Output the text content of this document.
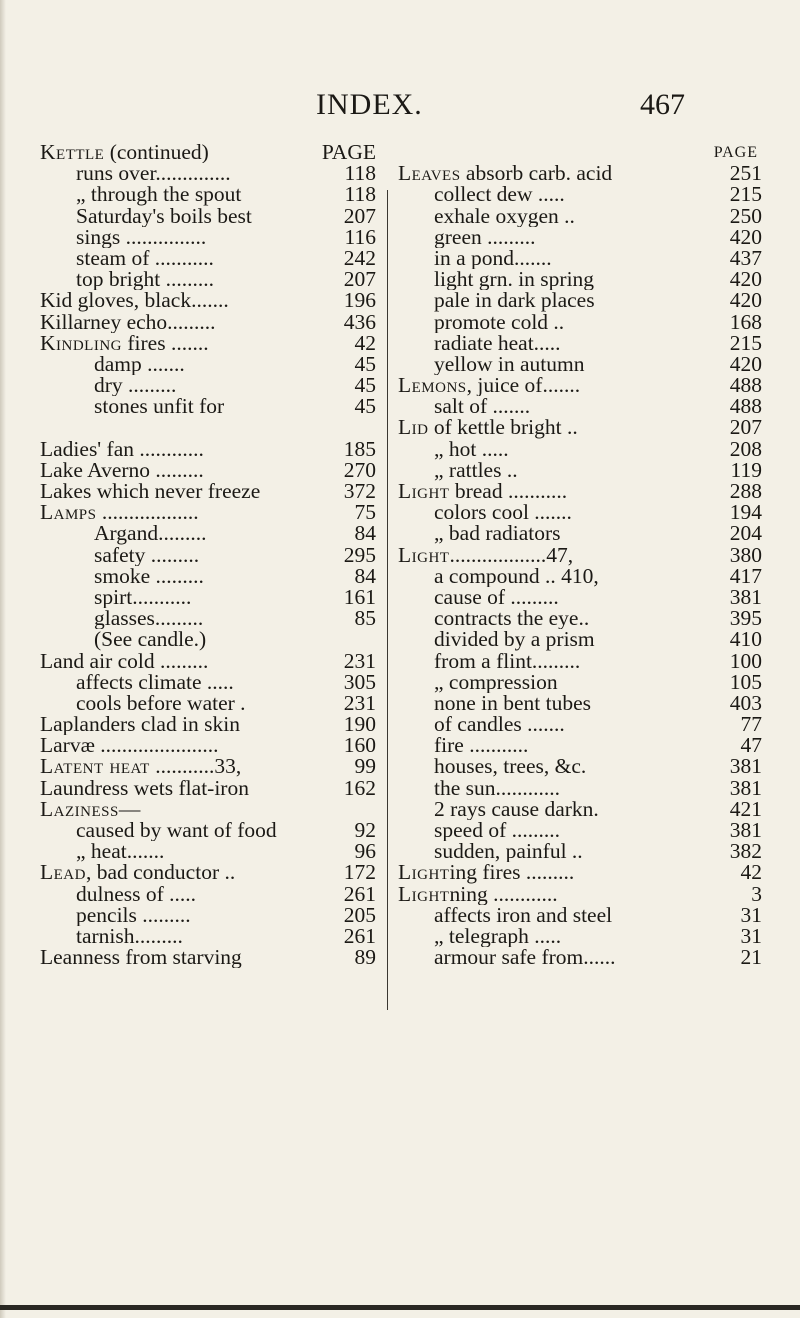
INDEX.	467
Kettle (continued)	PAGE
runs over..............	118
„ through the spout	118
Saturday's boils best	207
sings ...............	116
steam of ...........	242
top bright .........	207
Kid gloves, black.......	196
Killarney echo.........	436
Kindling fires .......	42
damp .......	45
dry .........	45
stones unfit for	45
Ladies' fan ............	185
Lake Averno .........	270
Lakes which never freeze	372
Lamps ..................	75
Argand.........	84
safety .........	295
smoke .........	84
spirt...........	161
glasses.........	85
(See candle.)
Land air cold .........	231
affects climate .....	305
cools before water .	231
Laplanders clad in skin	190
Larvæ ......................	160
Latent heat ...........33,	99
Laundress wets flat-iron	162
Laziness—
caused by want of food	92
„ heat.......	96
Lead, bad conductor ..	172
dulness of .....	261
pencils .........	205
tarnish.........	261
Leanness from starving	89
PAGE
Leaves absorb carb. acid	251
collect dew .....	215
exhale oxygen ..	250
green .........	420
in a pond.......	437
light grn. in spring	420
pale in dark places	420
promote cold ..	168
radiate heat.....	215
yellow in autumn	420
Lemons, juice of.......	488
salt of .......	488
Lid of kettle bright ..	207
„ hot .....	208
„ rattles ..	119
Light bread ...........	288
colors cool .......	194
„ bad radiators	204
Light..................47,	380
a compound .. 410,	417
cause of .........	381
contracts the eye..	395
divided by a prism	410
from a flint.........	100
„ compression	105
none in bent tubes	403
of candles .......	77
fire ...........	47
houses, trees, &c.	381
the sun............	381
2 rays cause darkn.	421
speed of .........	381
sudden, painful ..	382
Lighting fires .........	42
Lightning ............	3
affects iron and steel	31
„ telegraph .....	31
armour safe from......	21
